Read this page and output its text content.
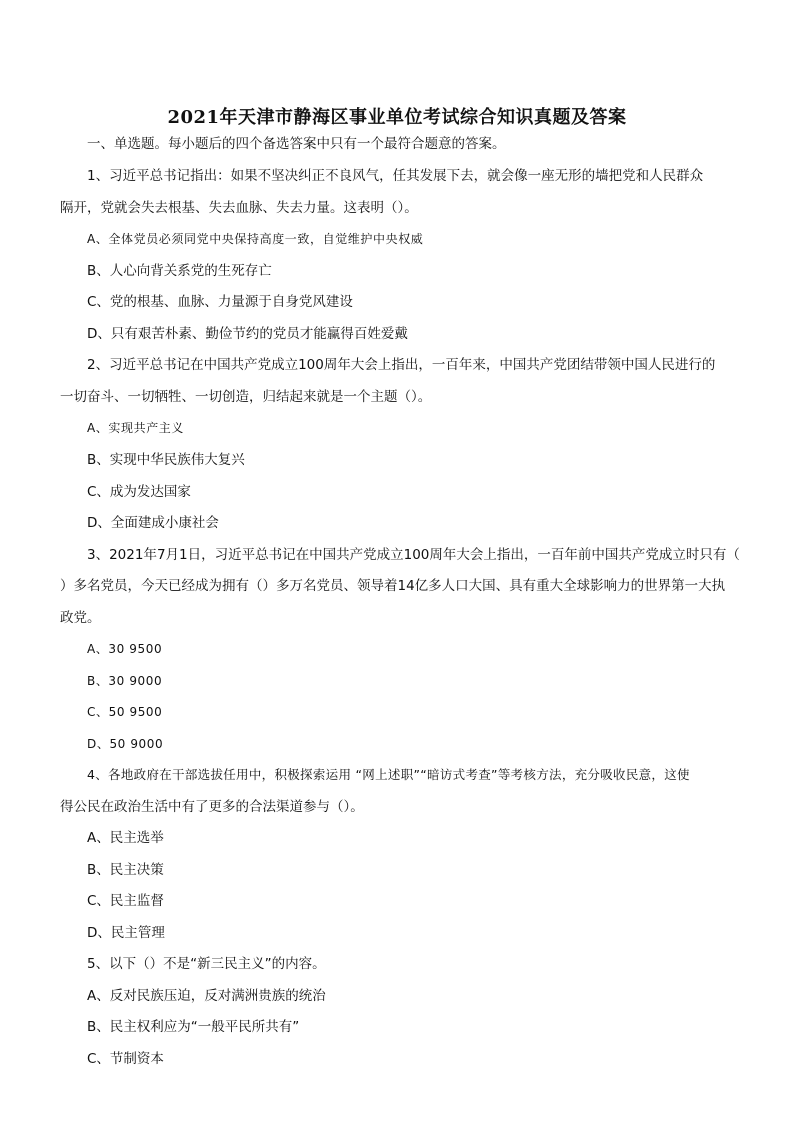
2021年天津市静海区事业单位考试综合知识真题及答案
一、单选题。每小题后的四个备选答案中只有一个最符合题意的答案。
1、习近平总书记指出：如果不坚决纠正不良风气，任其发展下去，就会像一座无形的墙把党和人民群众
隔开，党就会失去根基、失去血脉、失去力量。这表明（）。
A、全体党员必须同党中央保持高度一致，自觉维护中央权威
B、人心向背关系党的生死存亡
C、党的根基、血脉、力量源于自身党风建设
D、只有艰苦朴素、勤俭节约的党员才能赢得百姓爱戴
2、习近平总书记在中国共产党成立100周年大会上指出，一百年来，中国共产党团结带领中国人民进行的
一切奋斗、一切牺牲、一切创造，归结起来就是一个主题（）。
A、实现共产主义
B、实现中华民族伟大复兴
C、成为发达国家
D、全面建成小康社会
3、2021年7月1日，习近平总书记在中国共产党成立100周年大会上指出，一百年前中国共产党成立时只有（
）多名党员，今天已经成为拥有（）多万名党员、领导着14亿多人口大国、具有重大全球影响力的世界第一大执
政党。
A、30 9500
B、30 9000
C、50 9500
D、50 9000
4、各地政府在干部选拔任用中，积极探索运用 “网上述职”“暗访式考查”等考核方法，充分吸收民意，这使
得公民在政治生活中有了更多的合法渠道参与（）。
A、民主选举
B、民主决策
C、民主监督
D、民主管理
5、以下（）不是“新三民主义”的内容。
A、反对民族压迫，反对满洲贵族的统治
B、民主权利应为“一般平民所共有”
C、节制资本
